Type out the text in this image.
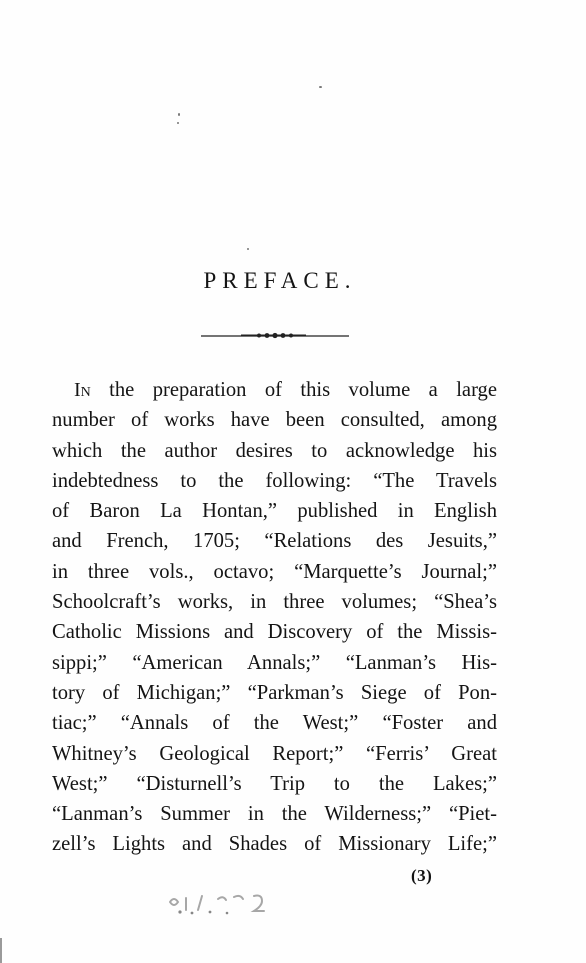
PREFACE.
In the preparation of this volume a large
number of works have been consulted, among
which the author desires to acknowledge his
indebtedness to the following: “The Travels
of Baron La Hontan,” published in English
and French, 1705; “Relations des Jesuits,”
in three vols., octavo; “Marquette’s Journal;”
Schoolcraft’s works, in three volumes; “Shea’s
Catholic Missions and Discovery of the Missis-
sippi;” “American Annals;” “Lanman’s His-
tory of Michigan;” “Parkman’s Siege of Pon-
tiac;” “Annals of the West;” “Foster and
Whitney’s Geological Report;” “Ferris’ Great
West;” “Disturnell’s Trip to the Lakes;”
“Lanman’s Summer in the Wilderness;” “Piet-
zell’s Lights and Shades of Missionary Life;”
(3)
